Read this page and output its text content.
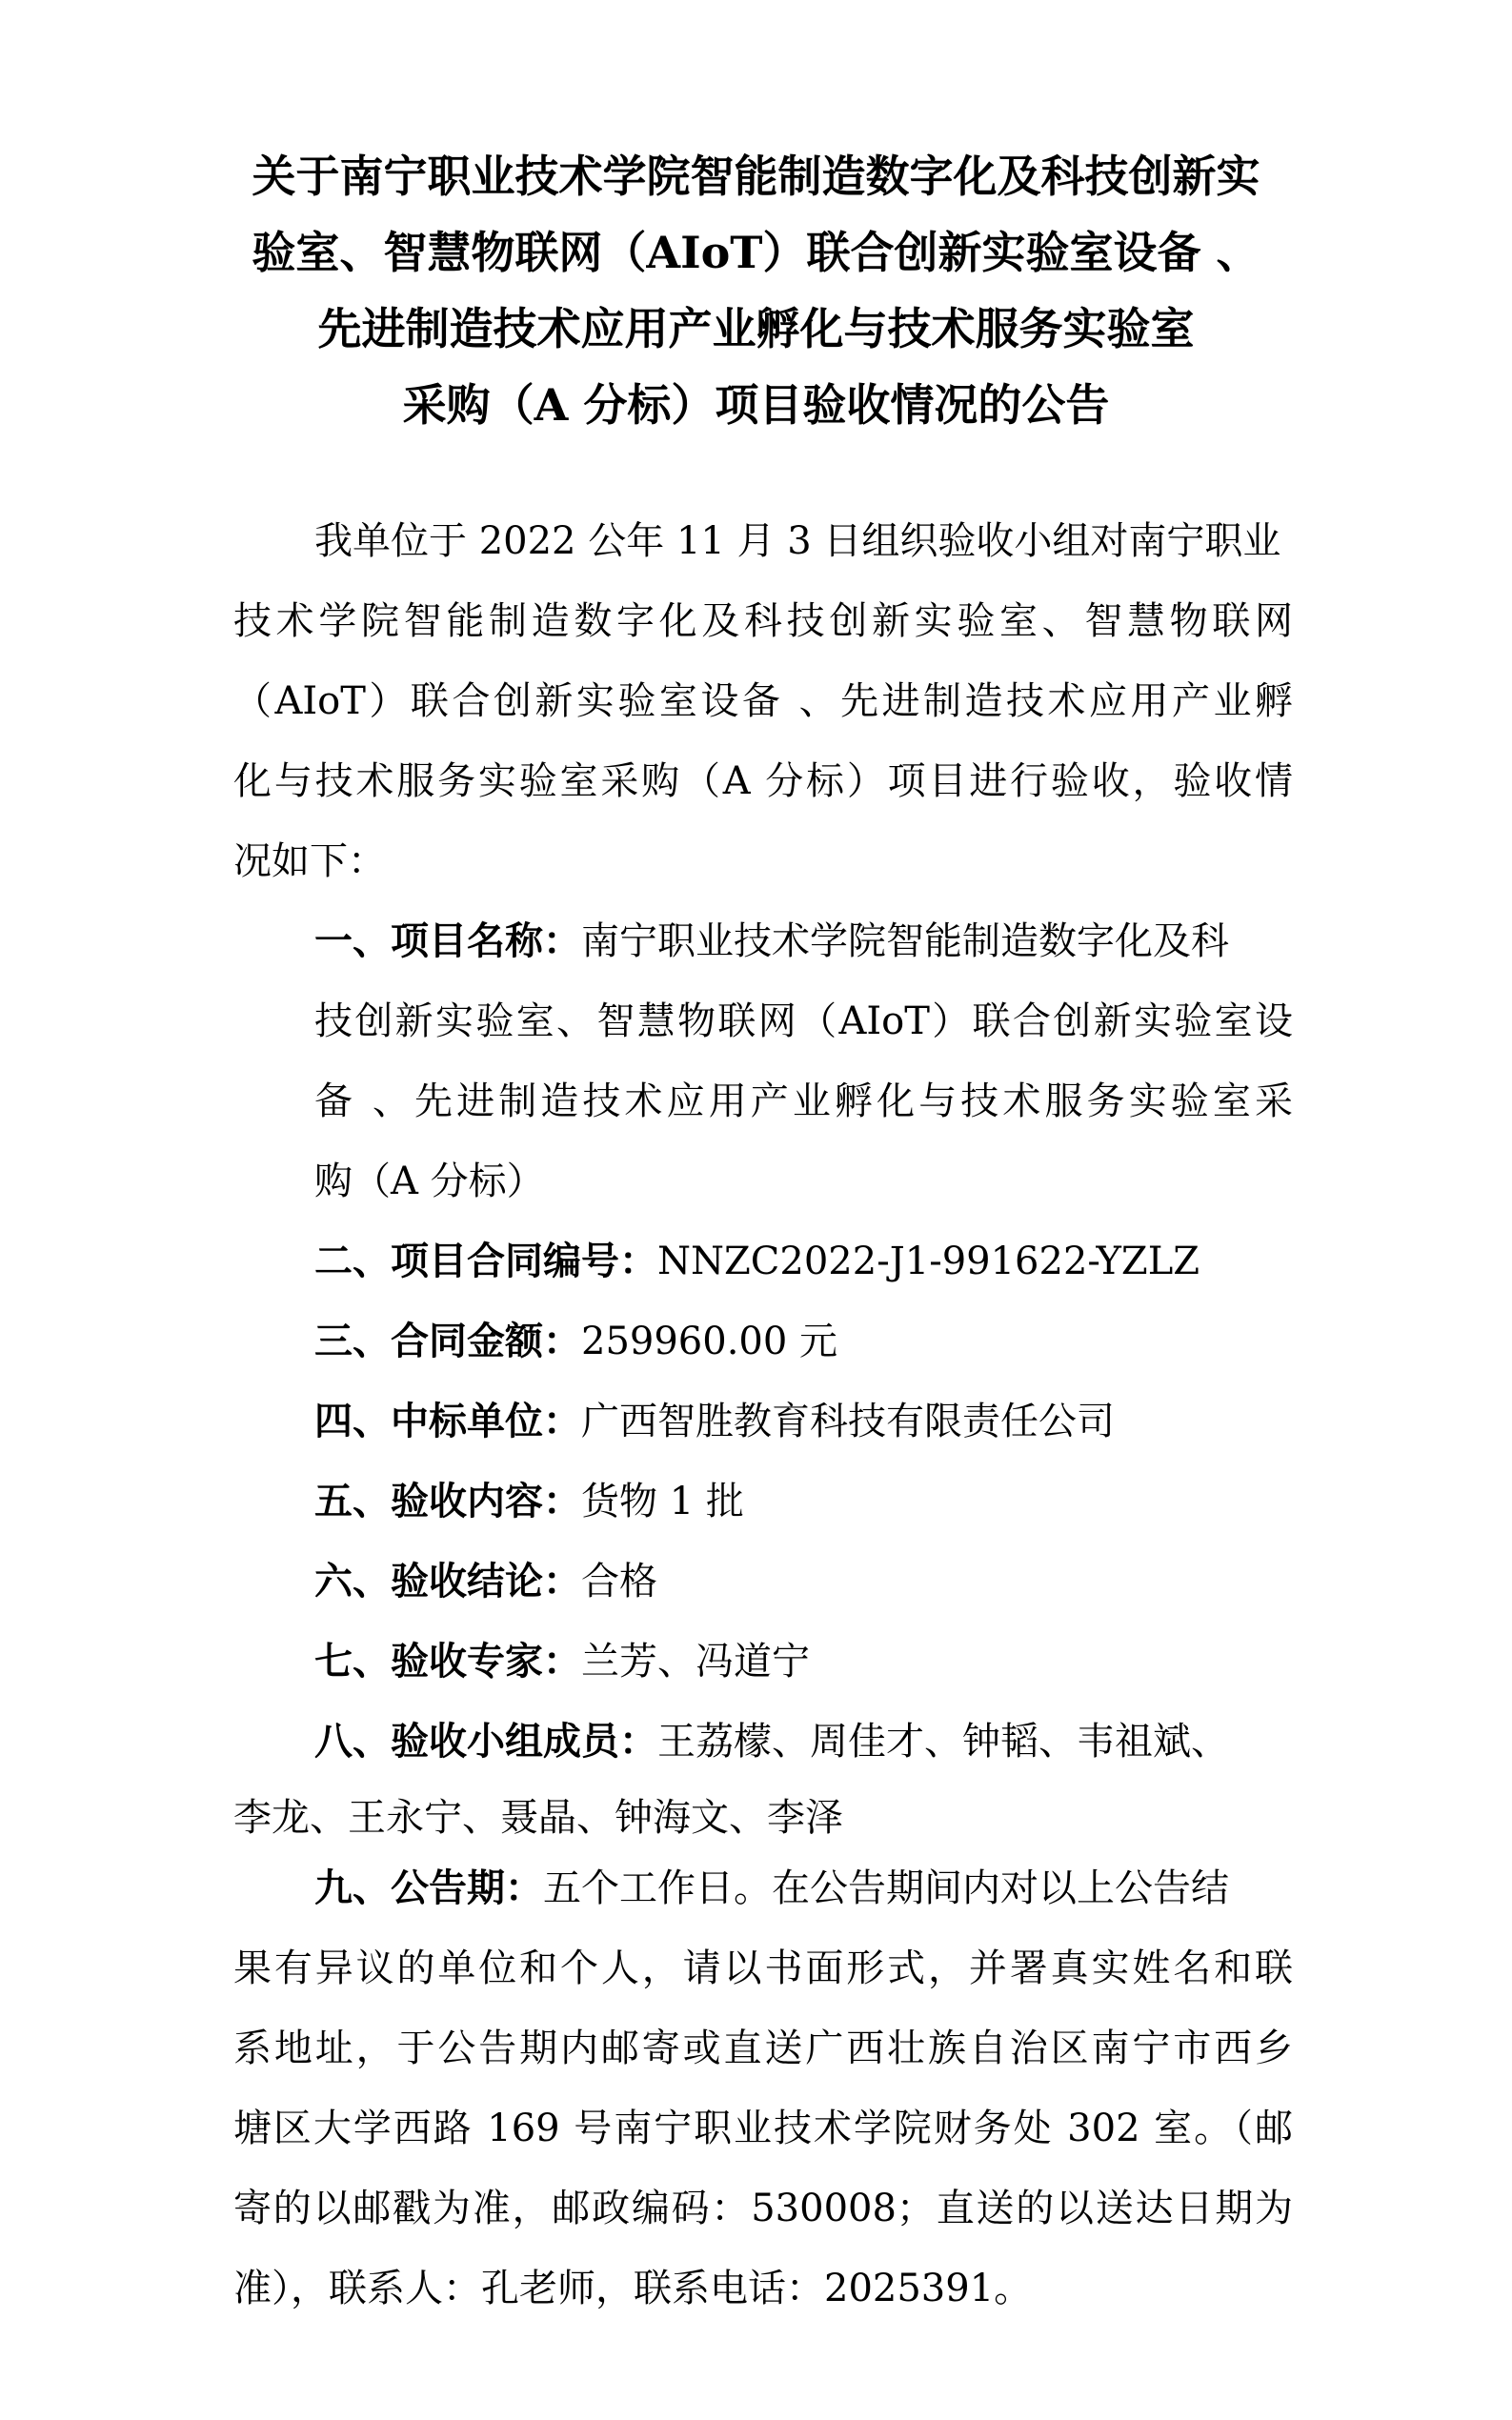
关于南宁职业技术学院智能制造数字化及科技创新实
验室、智慧物联网（AIoT）联合创新实验室设备 、
先进制造技术应用产业孵化与技术服务实验室
采购（A 分标）项目验收情况的公告
我单位于 2022 公年 11 月 3 日组织验收小组对南宁职业
技术学院智能制造数字化及科技创新实验室、智慧物联网
（AIoT）联合创新实验室设备 、先进制造技术应用产业孵
化与技术服务实验室采购（A 分标）项目进行验收，验收情
况如下：
一、项目名称：南宁职业技术学院智能制造数字化及科
技创新实验室、智慧物联网（AIoT）联合创新实验室设
备 、先进制造技术应用产业孵化与技术服务实验室采
购（A 分标）
二、项目合同编号：NNZC2022-J1-991622-YZLZ
三、合同金额：259960.00 元
四、中标单位：广西智胜教育科技有限责任公司
五、验收内容：货物 1 批
六、验收结论：合格
七、验收专家：兰芳、冯道宁
八、验收小组成员：王荔檬、周佳才、钟韬、韦祖斌、
李龙、王永宁、聂晶、钟海文、李泽
九、公告期：五个工作日。在公告期间内对以上公告结
果有异议的单位和个人，请以书面形式，并署真实姓名和联
系地址，于公告期内邮寄或直送广西壮族自治区南宁市西乡
塘区大学西路 169 号南宁职业技术学院财务处 302 室。（邮
寄的以邮戳为准，邮政编码：530008；直送的以送达日期为
准），联系人：孔老师，联系电话：2025391。
